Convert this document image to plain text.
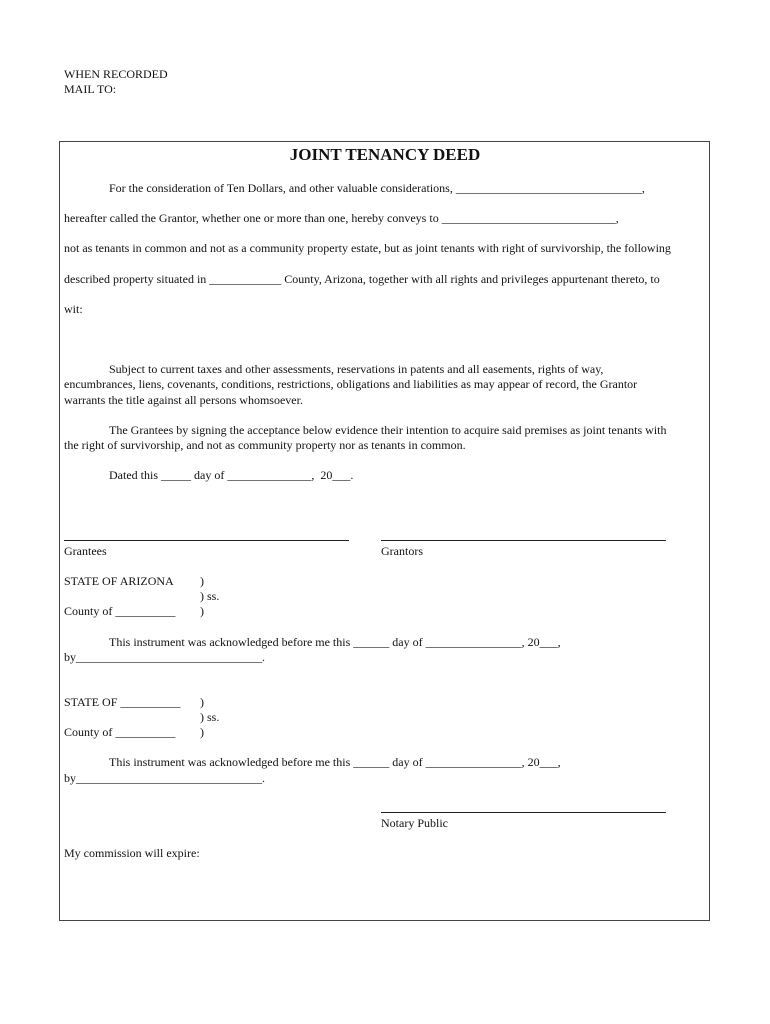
WHEN RECORDED
MAIL TO:
JOINT TENANCY DEED
For the consideration of Ten Dollars, and other valuable considerations, _______________________________,
hereafter called the Grantor, whether one or more than one, hereby conveys to _____________________________,
not as tenants in common and not as a community property estate, but as joint tenants with right of survivorship, the following
described property situated in ____________ County, Arizona, together with all rights and privileges appurtenant thereto, to
wit:
Subject to current taxes and other assessments, reservations in patents and all easements, rights of way,
encumbrances, liens, covenants, conditions, restrictions, obligations and liabilities as may appear of record, the Grantor
warrants the title against all persons whomsoever.
The Grantees by signing the acceptance below evidence their intention to acquire said premises as joint tenants with
the right of survivorship, and not as community property nor as tenants in common.
Dated this _____ day of ______________,  20___.
Grantees	Grantors
STATE OF ARIZONA )
) ss.
County of __________ )
This instrument was acknowledged before me this ______ day of ________________, 20___,
by_______________________________.
STATE OF __________ )
) ss.
County of __________ )
This instrument was acknowledged before me this ______ day of ________________, 20___,
by_______________________________.
Notary Public
My commission will expire:
